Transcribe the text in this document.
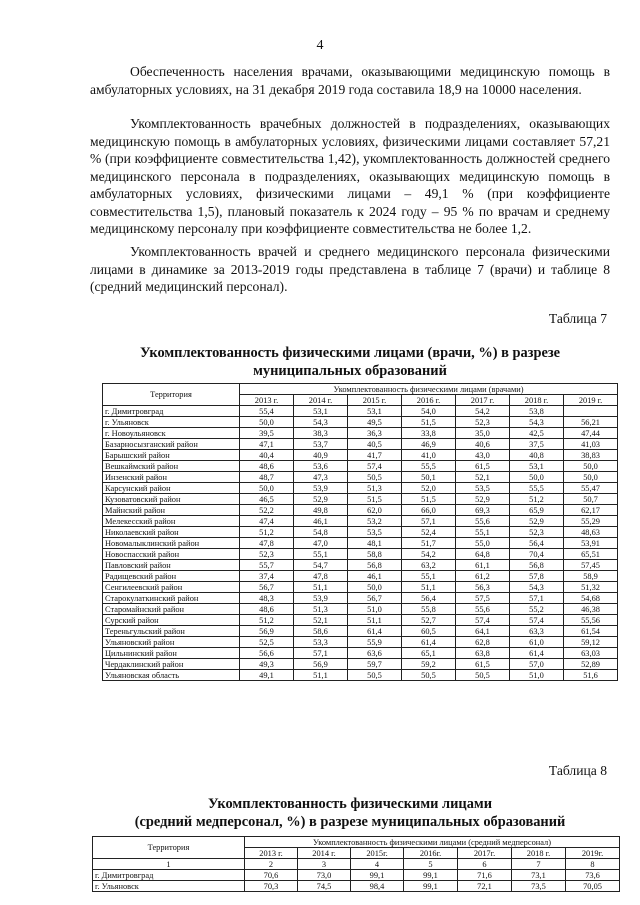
4

Обеспеченность населения врачами, оказывающими медицинскую помощь в амбулаторных условиях, на 31 декабря 2019 года составила 18,9 на 10000 населения.

Укомплектованность врачебных должностей в подразделениях, оказывающих медицинскую помощь в амбулаторных условиях, физическими лицами составляет 57,21 % (при коэффициенте совместительства 1,42), укомплектованность должностей среднего медицинского персонала в подразделениях, оказывающих медицинскую помощь в амбулаторных условиях, физическими лицами – 49,1 % (при коэффициенте совместительства 1,5), плановый показатель к 2024 году – 95 % по врачам и среднему медицинскому персоналу при коэффициенте совместительства не более 1,2.

Укомплектованность врачей и среднего медицинского персонала физическими лицами в динамике за 2013-2019 годы представлена в таблице 7 (врачи) и таблице 8 (средний медицинский персонал).

Таблица 7
Укомплектованность физическими лицами (врачи, %) в разрезе
муниципальных образований
Территория	Укомплектованность физическими лицами (врачами)						
	2013 г.	2014 г.	2015 г.	2016 г.	2017 г.	2018 г.	2019 г.
г. Димитровград	55,4	53,1	53,1	54,0	54,2	53,8	
г. Ульяновск	50,0	54,3	49,5	51,5	52,3	54,3	56,21
г. Новоульяновск	39,5	38,3	36,3	33,8	35,0	42,5	47,44
Базарносызганский район	47,1	53,7	40,5	46,9	40,6	37,5	41,03
Барышский район	40,4	40,9	41,7	41,0	43,0	40,8	38,83
Вешкаймский район	48,6	53,6	57,4	55,5	61,5	53,1	50,0
Инзенский район	48,7	47,3	50,5	50,1	52,1	50,0	50,0
Карсунский район	50,0	53,9	51,3	52,0	53,5	55,5	55,47
Кузоватовский район	46,5	52,9	51,5	51,5	52,9	51,2	50,7
Майнский район	52,2	49,8	62,0	66,0	69,3	65,9	62,17
Мелекесский район	47,4	46,1	53,2	57,1	55,6	52,9	55,29
Николаевский район	51,2	54,8	53,5	52,4	55,1	52,3	48,63
Новомалыклинский район	47,8	47,0	48,1	51,7	55,0	56,4	53,91
Новоспасский район	52,3	55,1	58,8	54,2	64,8	70,4	65,51
Павловский район	55,7	54,7	56,8	63,2	61,1	56,8	57,45
Радищевский район	37,4	47,8	46,1	55,1	61,2	57,8	58,9
Сенгилеевский район	56,7	51,1	50,0	51,1	56,3	54,3	51,32
Старокулаткинский район	48,3	53,9	56,7	56,4	57,5	57,1	54,68
Старомайнский район	48,6	51,3	51,0	55,8	55,6	55,2	46,38
Сурский район	51,2	52,1	51,1	52,7	57,4	57,4	55,56
Тереньгульский район	56,9	58,6	61,4	60,5	64,1	63,3	61,54
Ульяновский район	52,5	53,3	55,9	61,4	62,8	61,0	59,12
Цильнинский район	56,6	57,1	63,6	65,1	63,8	61,4	63,03
Чердаклинский район	49,3	56,9	59,7	59,2	61,5	57,0	52,89
Ульяновская область	49,1	51,1	50,5	50,5	50,5	51,0	51,6
Таблица 8
Укомплектованность физическими лицами
(средний медперсонал, %) в разрезе муниципальных образований
Территория	Укомплектованность физическими лицами (средний медперсонал)						
	2013 г.	2014 г.	2015г.	2016г.	2017г.	2018 г.	2019г.
1	2	3	4	5	6	7	8
г. Димитровград	70,6	73,0	99,1	99,1	71,6	73,1	73,6
г. Ульяновск	70,3	74,5	98,4	99,1	72,1	73,5	70,05
